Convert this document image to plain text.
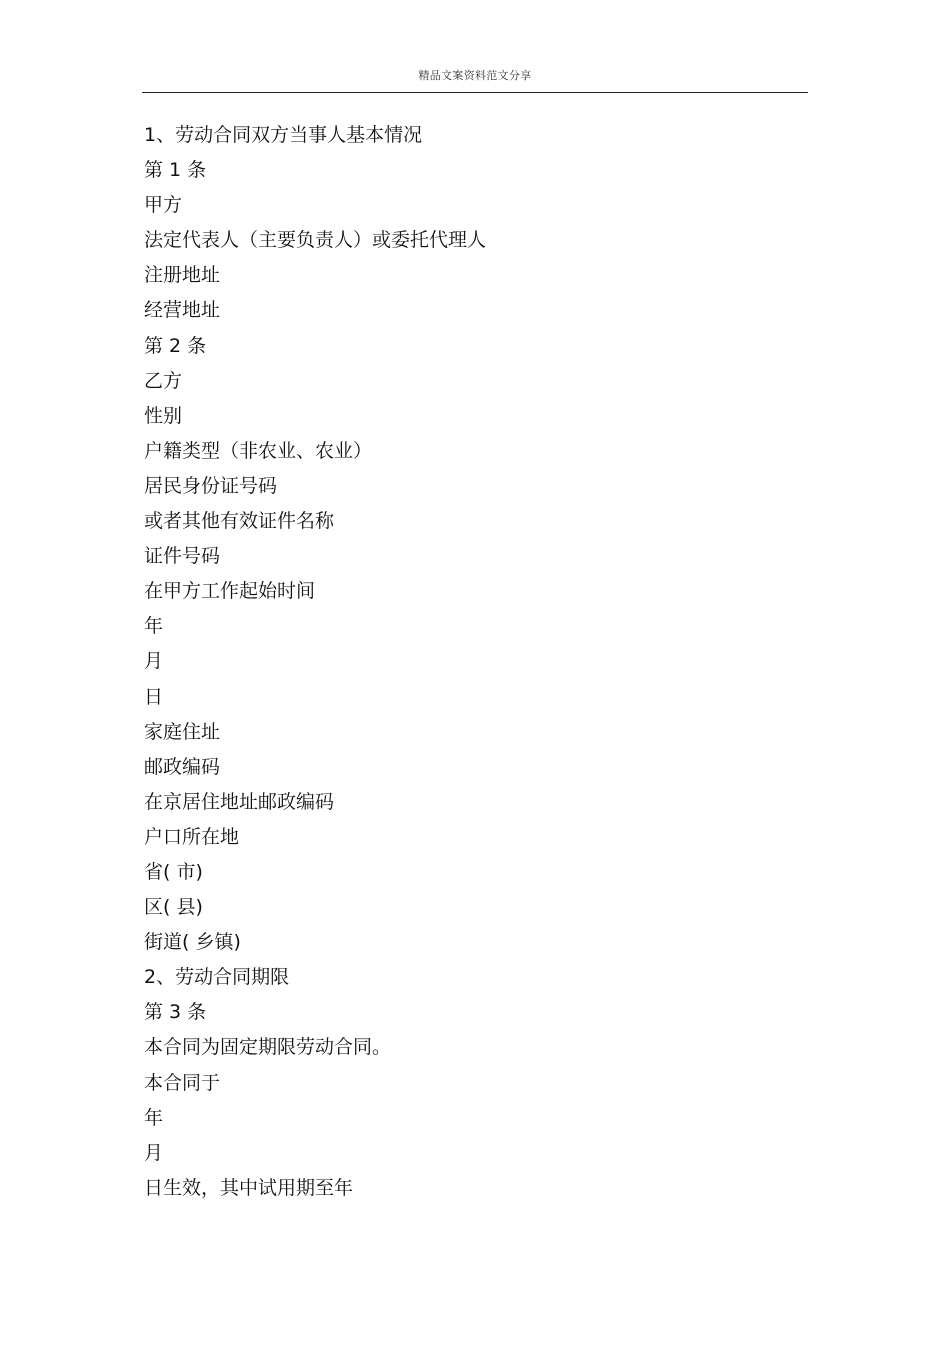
精品文案资料范文分享
1、劳动合同双方当事人基本情况
第 1 条
甲方
法定代表人（主要负责人）或委托代理人
注册地址
经营地址
第 2 条
乙方
性别
户籍类型（非农业、农业）
居民身份证号码
或者其他有效证件名称
证件号码
在甲方工作起始时间
年
月
日
家庭住址
邮政编码
在京居住地址邮政编码
户口所在地
省( 市)
区( 县)
街道( 乡镇)
2、劳动合同期限
第 3 条
本合同为固定期限劳动合同。
本合同于
年
月
日生效，其中试用期至年
